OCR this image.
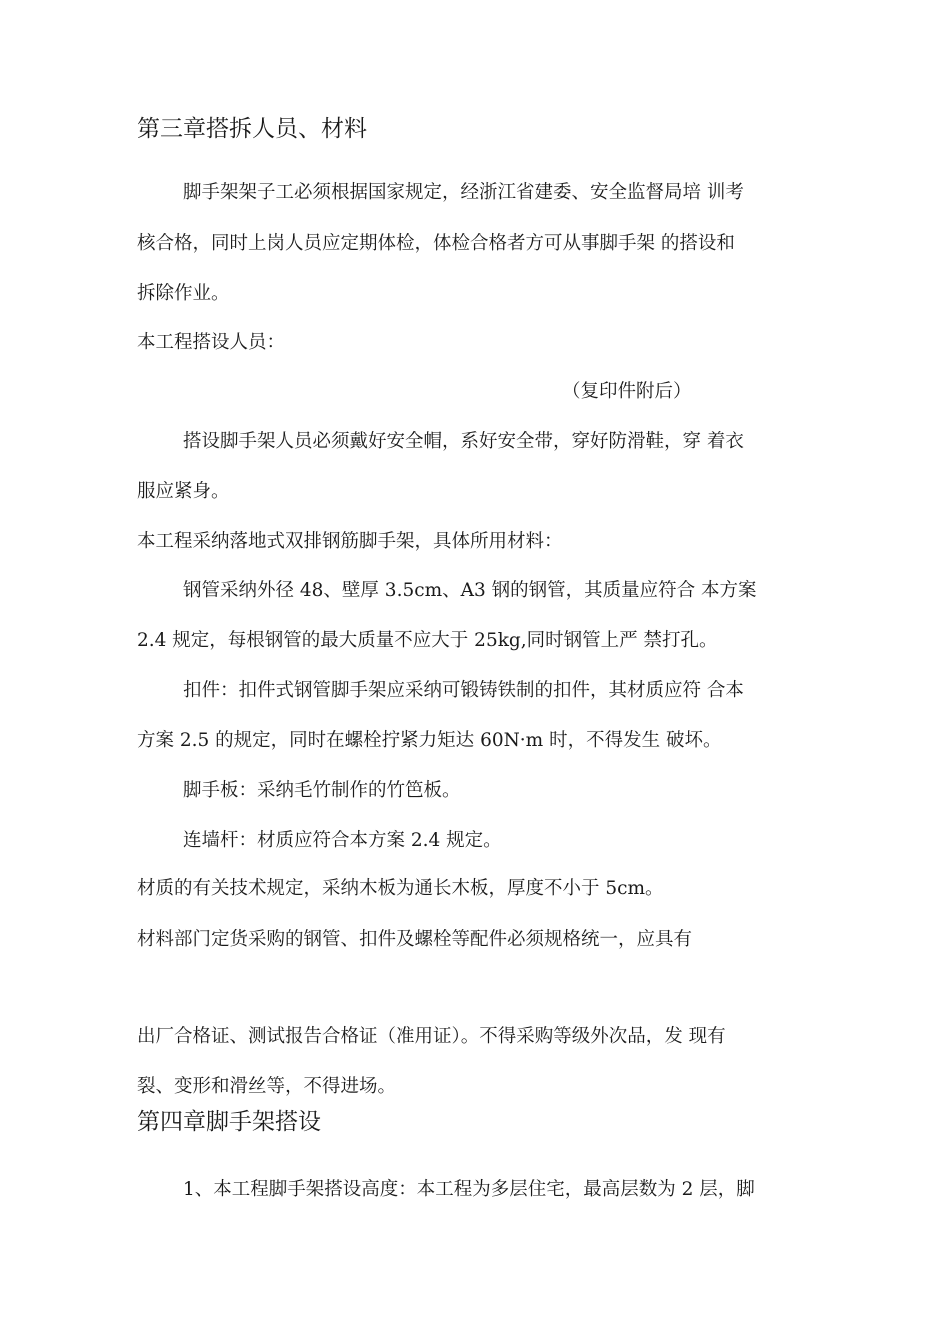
第三章搭拆人员、材料
脚手架架子工必须根据国家规定，经浙江省建委、安全监督局培 训考
核合格，同时上岗人员应定期体检，体检合格者方可从事脚手架 的搭设和
拆除作业。
本工程搭设人员：
（复印件附后）
搭设脚手架人员必须戴好安全帽，系好安全带，穿好防滑鞋，穿 着衣
服应紧身。
本工程采纳落地式双排钢筋脚手架，具体所用材料：
钢管采纳外径 48、壁厚 3.5cm、A3 钢的钢管，其质量应符合 本方案
2.4 规定，每根钢管的最大质量不应大于 25kg,同时钢管上严 禁打孔。
扣件：扣件式钢管脚手架应采纳可锻铸铁制的扣件，其材质应符 合本
方案 2.5 的规定，同时在螺栓拧紧力矩达 60N·m 时，不得发生 破坏。
脚手板：采纳毛竹制作的竹笆板。
连墙杆：材质应符合本方案 2.4 规定。
材质的有关技术规定，采纳木板为通长木板，厚度不小于 5cm。
材料部门定货采购的钢管、扣件及螺栓等配件必须规格统一，应具有
出厂合格证、测试报告合格证（准用证）。不得采购等级外次品，发 现有
裂、变形和滑丝等，不得进场。
第四章脚手架搭设
1、本工程脚手架搭设高度：本工程为多层住宅，最高层数为 2 层，脚
